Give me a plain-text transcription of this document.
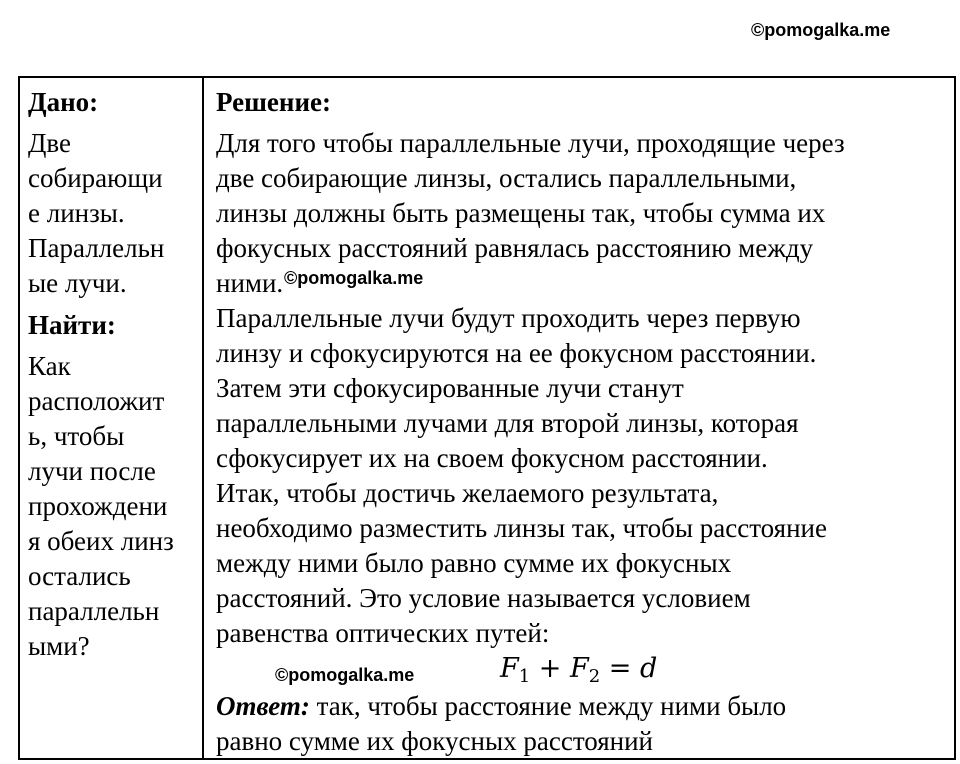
©pomogalka.me
Дано:
Две
собирающи
е линзы.
Параллельн
ые лучи.
Найти:
Как
расположит
ь, чтобы
лучи после
прохождени
я обеих линз
остались
параллельн
ыми?
Решение:
Для того чтобы параллельные лучи, проходящие через
две собирающие линзы, остались параллельными,
линзы должны быть размещены так, чтобы сумма их
фокусных расстояний равнялась расстоянию между
ними.
Параллельные лучи будут проходить через первую
линзу и сфокусируются на ее фокусном расстоянии.
Затем эти сфокусированные лучи станут
параллельными лучами для второй линзы, которая
сфокусирует их на своем фокусном расстоянии.
Итак, чтобы достичь желаемого результата,
необходимо разместить линзы так, чтобы расстояние
между ними было равно сумме их фокусных
расстояний. Это условие называется условием
равенства оптических путей:
$F_1 + F_2 = d$
Ответ: так, чтобы расстояние между ними было
равно сумме их фокусных расстояний
©pomogalka.me
©pomogalka.me
